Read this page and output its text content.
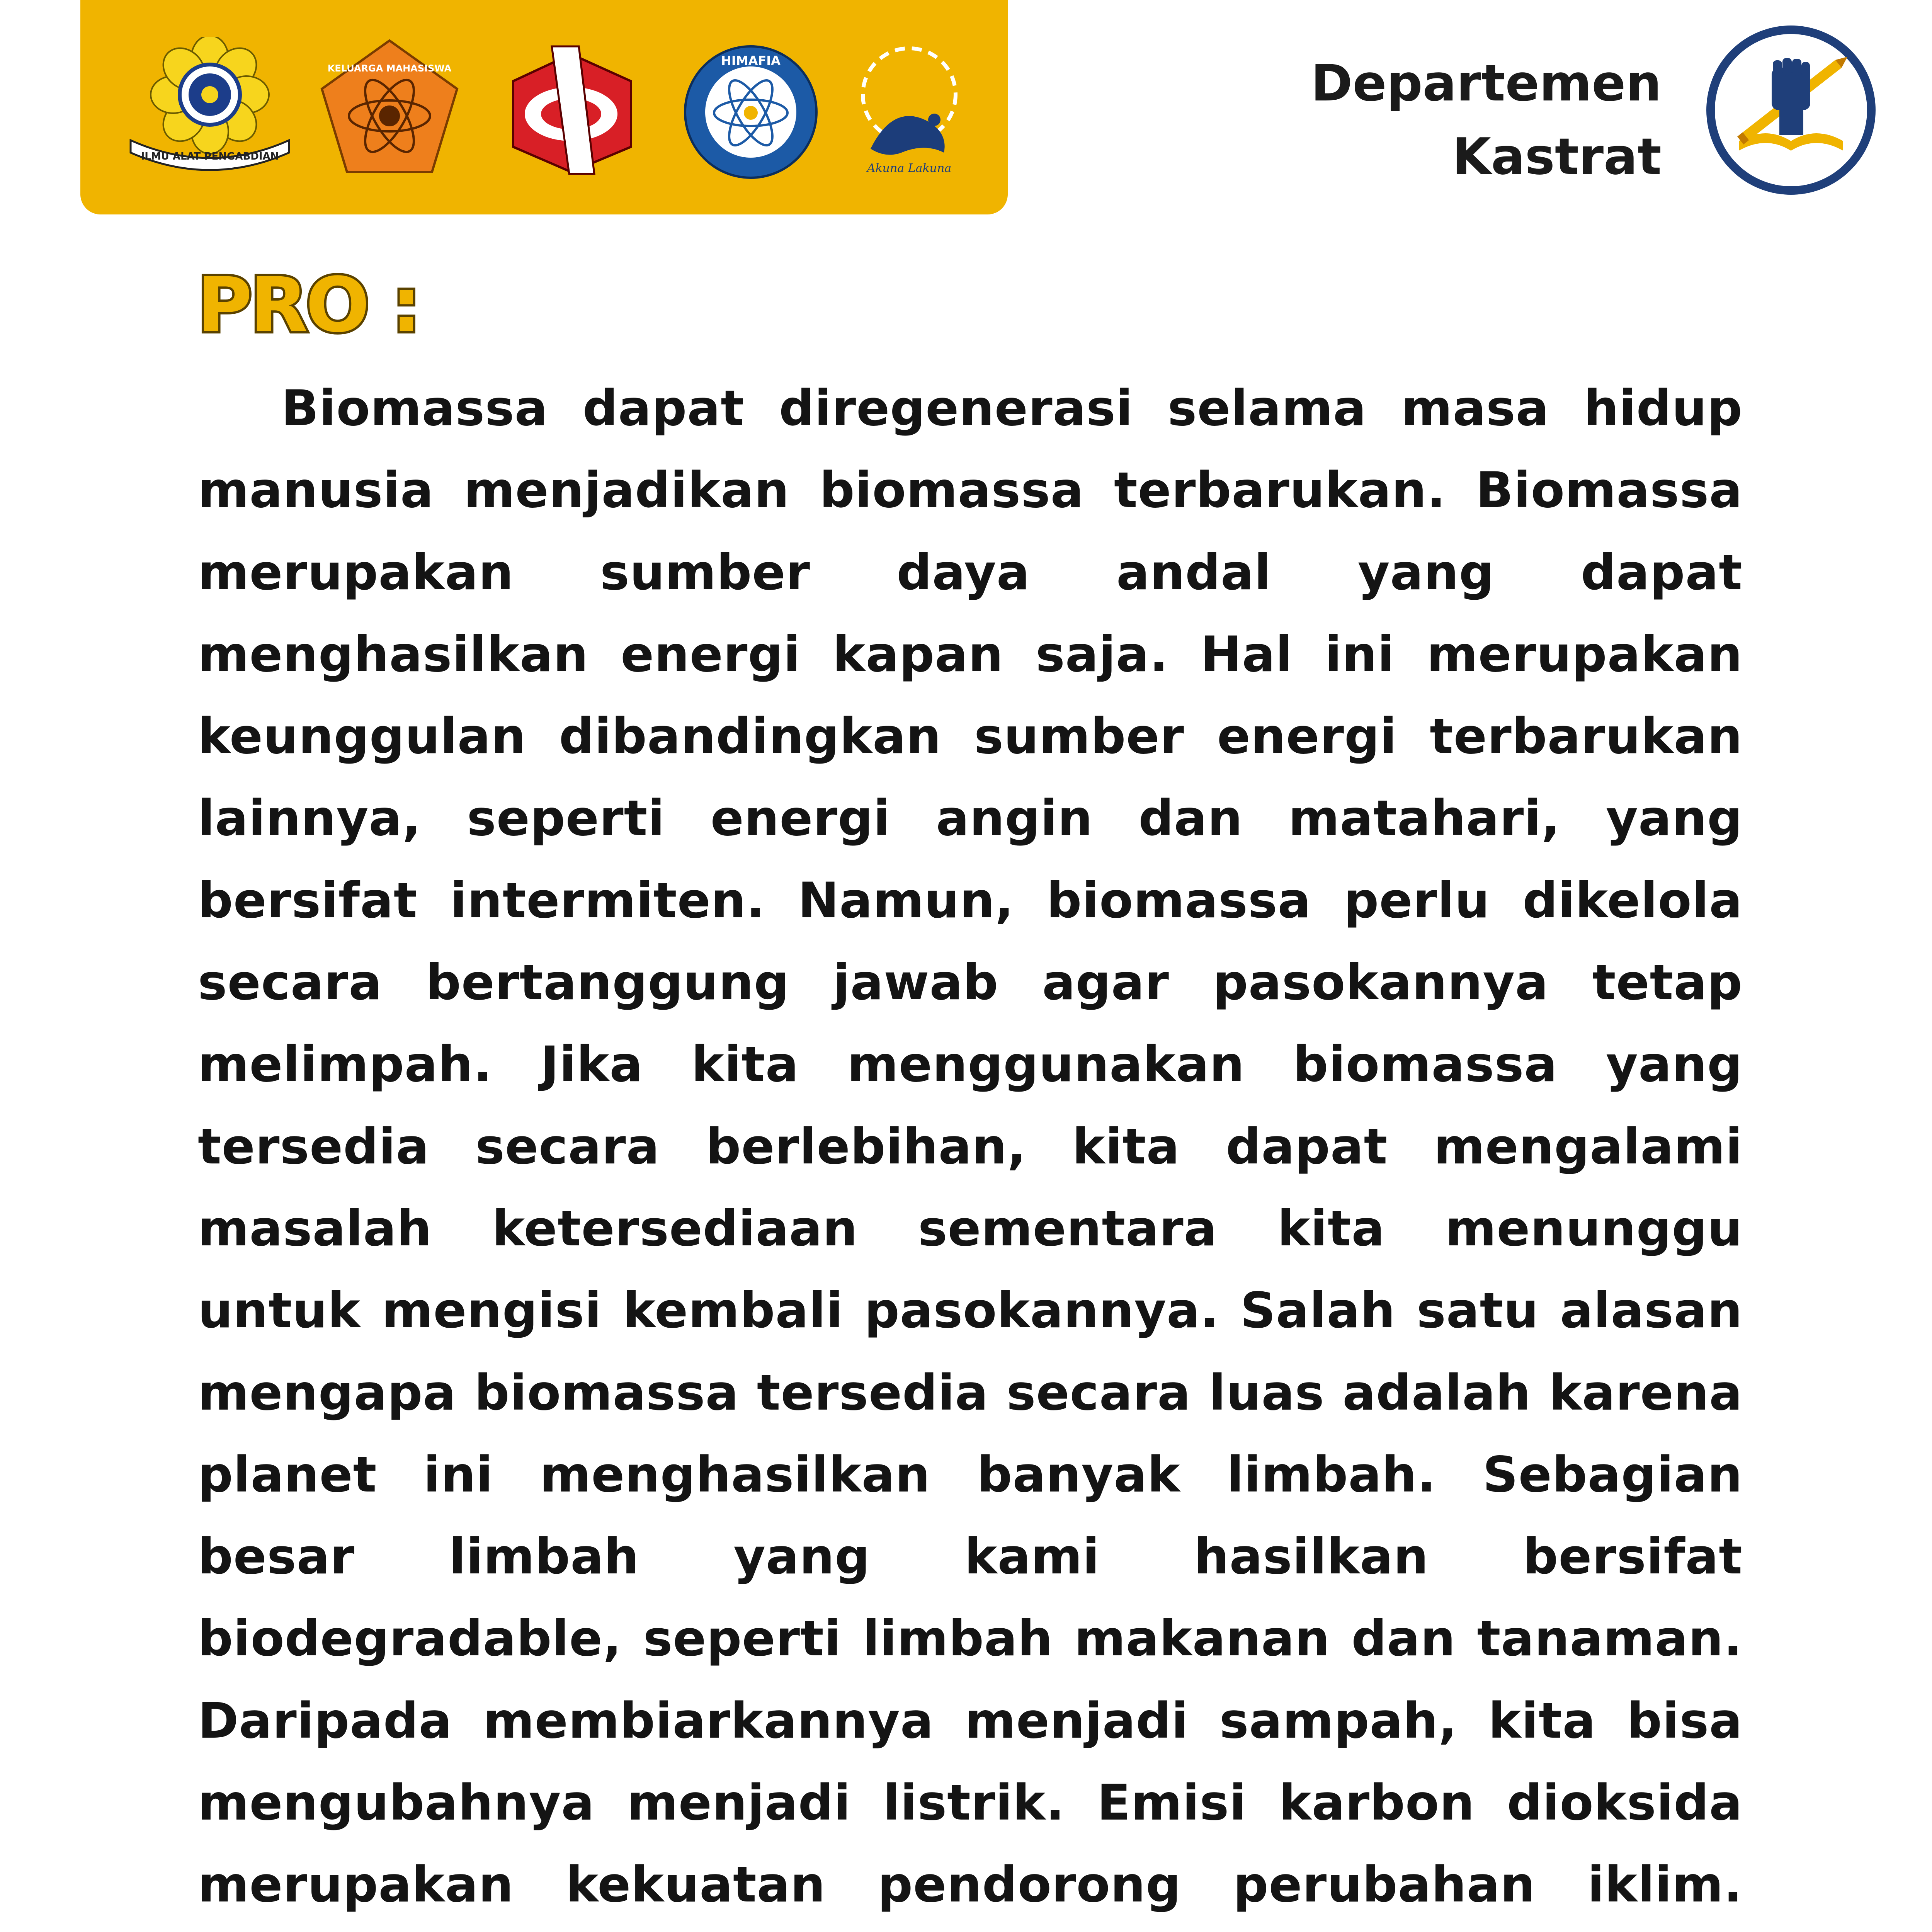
ILMU ALAT PENGABDIAN
KELUARGA MAHASISWA
HIMAFIA
Akuna Lakuna
Departemen
Kastrat
PRO :

Biomassa dapat diregenerasi selama masa hidup manusia menjadikan biomassa terbarukan. Biomassa merupakan sumber daya andal yang dapat menghasilkan energi kapan saja. Hal ini merupakan keunggulan dibandingkan sumber energi terbarukan lainnya, seperti energi angin dan matahari, yang bersifat intermiten. Namun, biomassa perlu dikelola secara bertanggung jawab agar pasokannya tetap melimpah. Jika kita menggunakan biomassa yang tersedia secara berlebihan, kita dapat mengalami masalah ketersediaan sementara kita menunggu untuk mengisi kembali pasokannya. Salah satu alasan mengapa biomassa tersedia secara luas adalah karena planet ini menghasilkan banyak limbah. Sebagian besar limbah yang kami hasilkan bersifat biodegradable, seperti limbah makanan dan tanaman. Daripada membiarkannya menjadi sampah, kita bisa mengubahnya menjadi listrik. Emisi karbon dioksida merupakan kekuatan pendorong perubahan iklim.
